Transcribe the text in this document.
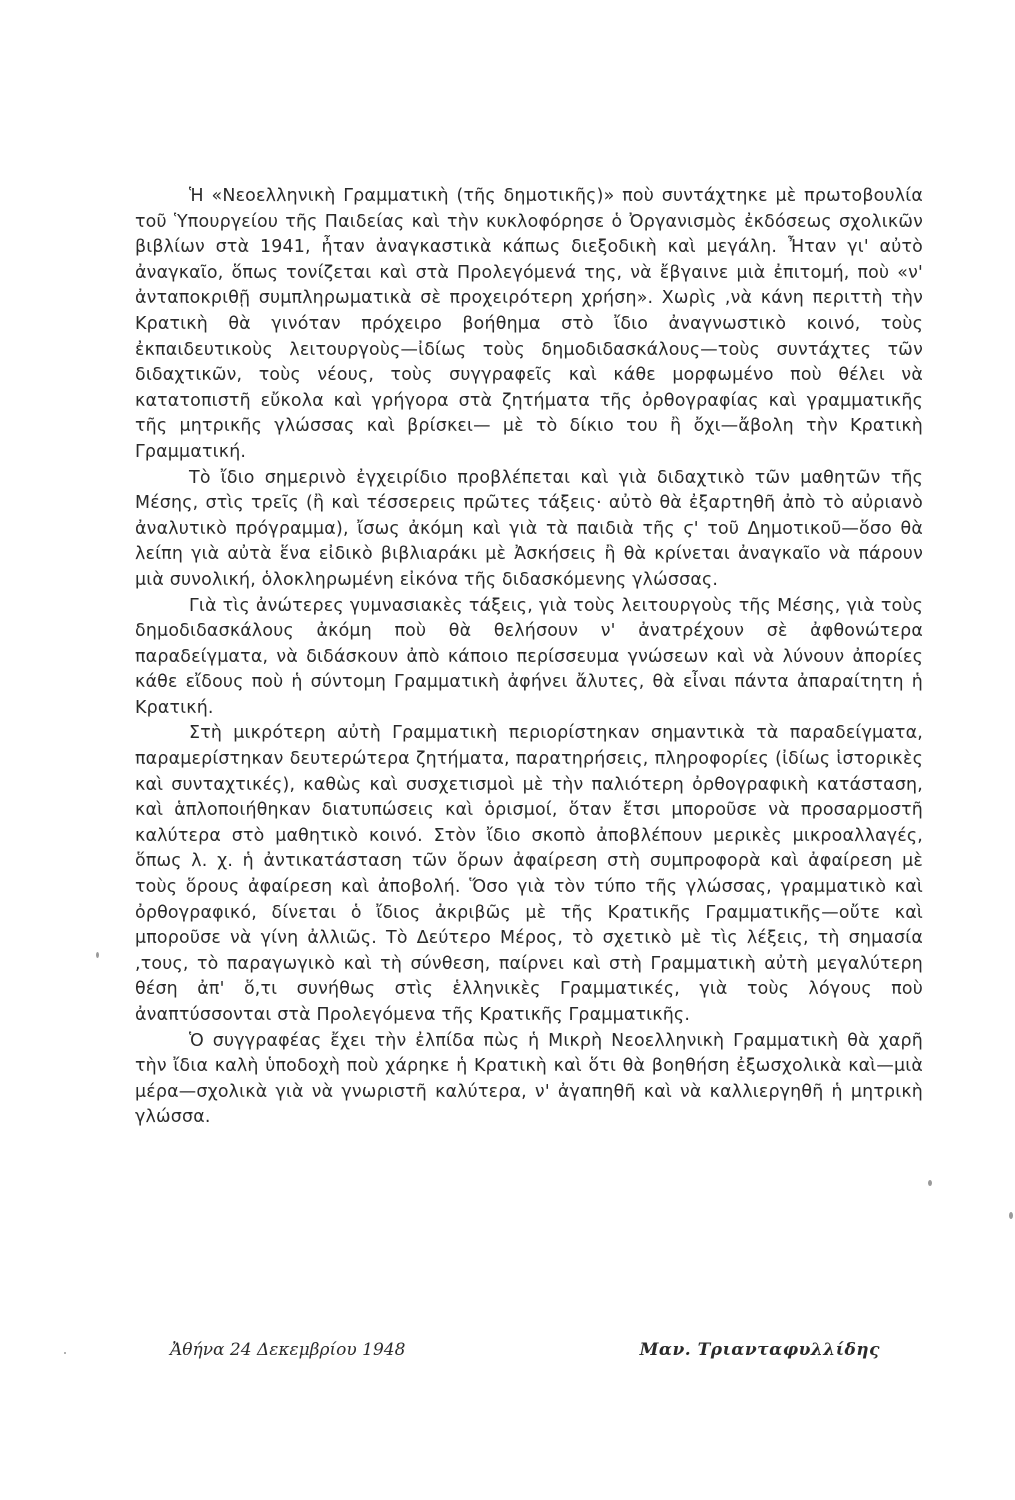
Ἡ «Νεοελληνικὴ Γραμματικὴ (τῆς δημοτικῆς)» ποὺ συντάχτηκε μὲ πρωτοβουλία τοῦ Ὑπουργείου τῆς Παιδείας καὶ τὴν κυκλοφόρησε ὁ Ὀργανισμὸς ἐκδόσεως σχολικῶν βιβλίων στὰ 1941, ἦταν ἀναγκαστικὰ κάπως διεξοδικὴ καὶ μεγάλη. Ἦταν γι' αὐτὸ ἀναγκαῖο, ὅπως τονίζεται καὶ στὰ Προλεγόμενά της, νὰ ἔβγαινε μιὰ ἐπιτομή, ποὺ «ν' ἀνταποκριθῇ συμπληρωματικὰ σὲ προχειρότερη χρήση». Χωρὶς ,νὰ κάνη περιττὴ τὴν Κρατικὴ θὰ γινόταν πρόχειρο βοήθημα στὸ ἴδιο ἀναγνωστικὸ κοινό, τοὺς ἐκπαιδευτικοὺς λειτουργοὺς—ἰδίως τοὺς δημοδιδασκάλους—τοὺς συντάχτες τῶν διδαχτικῶν, τοὺς νέους, τοὺς συγγραφεῖς καὶ κάθε μορφωμένο ποὺ θέλει νὰ κατατοπιστῆ εὔκολα καὶ γρήγορα στὰ ζητήματα τῆς ὀρθογραφίας καὶ γραμματικῆς τῆς μητρικῆς γλώσσας καὶ βρίσκει— μὲ τὸ δίκιο του ἢ ὄχι—ἄβολη τὴν Κρατικὴ Γραμματική.

Τὸ ἴδιο σημερινὸ ἐγχειρίδιο προβλέπεται καὶ γιὰ διδαχτικὸ τῶν μαθητῶν τῆς Μέσης, στὶς τρεῖς (ἢ καὶ τέσσερεις πρῶτες τάξεις· αὐτὸ θὰ ἐξαρτηθῆ ἀπὸ τὸ αὐριανὸ ἀναλυτικὸ πρόγραμμα), ἴσως ἀκόμη καὶ γιὰ τὰ παιδιὰ τῆς ϛ' τοῦ Δημοτικοῦ—ὅσο θὰ λείπη γιὰ αὐτὰ ἕνα εἰδικὸ βιβλιαράκι μὲ Ἀσκήσεις ἢ θὰ κρίνεται ἀναγκαῖο νὰ πάρουν μιὰ συνολική, ὁλοκληρωμένη εἰκόνα τῆς διδασκόμενης γλώσσας.

Γιὰ τὶς ἀνώτερες γυμνασιακὲς τάξεις, γιὰ τοὺς λειτουργοὺς τῆς Μέσης, γιὰ τοὺς δημοδιδασκάλους ἀκόμη ποὺ θὰ θελήσουν ν' ἀνατρέχουν σὲ ἀφθονώτερα παραδείγματα, νὰ διδάσκουν ἀπὸ κάποιο περίσσευμα γνώσεων καὶ νὰ λύνουν ἀπορίες κάθε εἴδους ποὺ ἡ σύντομη Γραμματικὴ ἀφήνει ἄλυτες, θὰ εἶναι πάντα ἀπαραίτητη ἡ Κρατική.

Στὴ μικρότερη αὐτὴ Γραμματικὴ περιορίστηκαν σημαντικὰ τὰ παραδείγματα, παραμερίστηκαν δευτερώτερα ζητήματα, παρατηρήσεις, πληροφορίες (ἰδίως ἱστορικὲς καὶ συνταχτικές), καθὼς καὶ συσχετισμοὶ μὲ τὴν παλιότερη ὀρθογραφικὴ κατάσταση, καὶ ἁπλοποιήθηκαν διατυπώσεις καὶ ὁρισμοί, ὅταν ἔτσι μποροῦσε νὰ προσαρμοστῆ καλύτερα στὸ μαθητικὸ κοινό. Στὸν ἴδιο σκοπὸ ἀποβλέπουν μερικὲς μικροαλλαγές, ὅπως λ. χ. ἡ ἀντικατάσταση τῶν ὅρων ἀφαίρεση στὴ συμπροφορὰ καὶ ἀφαίρεση μὲ τοὺς ὅρους ἀφαίρεση καὶ ἀποβολή. Ὅσο γιὰ τὸν τύπο τῆς γλώσσας, γραμματικὸ καὶ ὀρθογραφικό, δίνεται ὁ ἴδιος ἀκριβῶς μὲ τῆς Κρατικῆς Γραμματικῆς—οὔτε καὶ μποροῦσε νὰ γίνη ἀλλιῶς. Τὸ Δεύτερο Μέρος, τὸ σχετικὸ μὲ τὶς λέξεις, τὴ σημασία ,τους, τὸ παραγωγικὸ καὶ τὴ σύνθεση, παίρνει καὶ στὴ Γραμματικὴ αὐτὴ μεγαλύτερη θέση ἀπ' ὅ,τι συνήθως στὶς ἑλληνικὲς Γραμματικές, γιὰ τοὺς λόγους ποὺ ἀναπτύσσονται στὰ Προλεγόμενα τῆς Κρατικῆς Γραμματικῆς.

Ὁ συγγραφέας ἔχει τὴν ἐλπίδα πὼς ἡ Μικρὴ Νεοελληνικὴ Γραμματικὴ θὰ χαρῆ τὴν ἴδια καλὴ ὑποδοχὴ ποὺ χάρηκε ἡ Κρατικὴ καὶ ὅτι θὰ βοηθήση ἐξωσχολικὰ καὶ—μιὰ μέρα—σχολικὰ γιὰ νὰ γνωριστῆ καλύτερα, ν' ἀγαπηθῆ καὶ νὰ καλλιεργηθῆ ἡ μητρικὴ γλώσσα.

Ἀθήνα 24 Δεκεμβρίου 1948	Μαν. Τριανταφυλλίδης
